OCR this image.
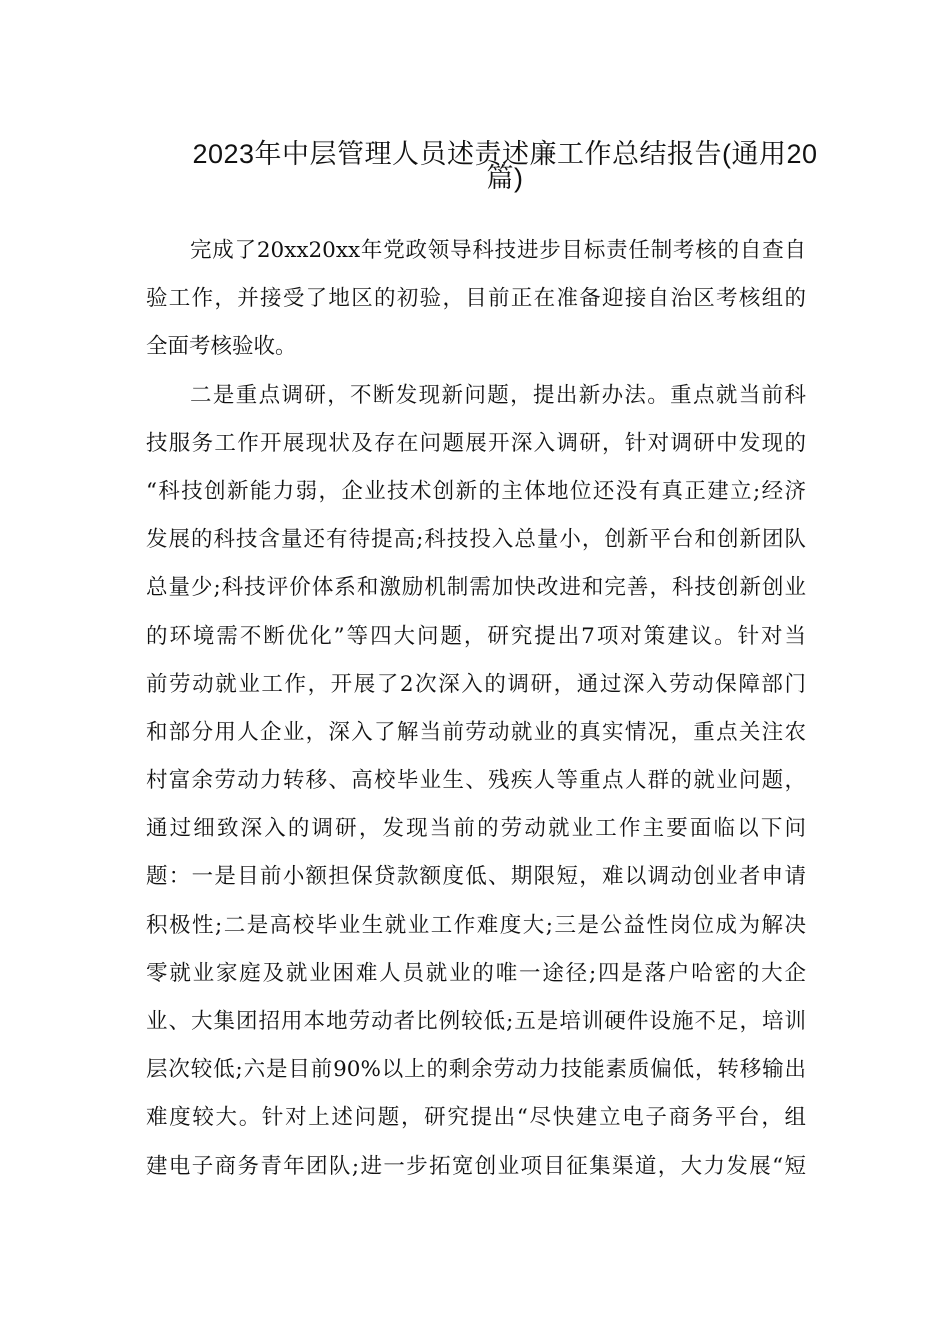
2023年中层管理人员述责述廉工作总结报告(通用20
篇)
完成了20xx20xx年党政领导科技进步目标责任制考核的自查自
验工作，并接受了地区的初验，目前正在准备迎接自治区考核组的
全面考核验收。
二是重点调研，不断发现新问题，提出新办法。重点就当前科
技服务工作开展现状及存在问题展开深入调研，针对调研中发现的
“科技创新能力弱，企业技术创新的主体地位还没有真正建立;经济
发展的科技含量还有待提高;科技投入总量小，创新平台和创新团队
总量少;科技评价体系和激励机制需加快改进和完善，科技创新创业
的环境需不断优化”等四大问题，研究提出7项对策建议。针对当
前劳动就业工作，开展了2次深入的调研，通过深入劳动保障部门
和部分用人企业，深入了解当前劳动就业的真实情况，重点关注农
村富余劳动力转移、高校毕业生、残疾人等重点人群的就业问题，
通过细致深入的调研，发现当前的劳动就业工作主要面临以下问
题：一是目前小额担保贷款额度低、期限短，难以调动创业者申请
积极性;二是高校毕业生就业工作难度大;三是公益性岗位成为解决
零就业家庭及就业困难人员就业的唯一途径;四是落户哈密的大企
业、大集团招用本地劳动者比例较低;五是培训硬件设施不足，培训
层次较低;六是目前90%以上的剩余劳动力技能素质偏低，转移输出
难度较大。针对上述问题，研究提出“尽快建立电子商务平台，组
建电子商务青年团队;进一步拓宽创业项目征集渠道，大力发展“短
